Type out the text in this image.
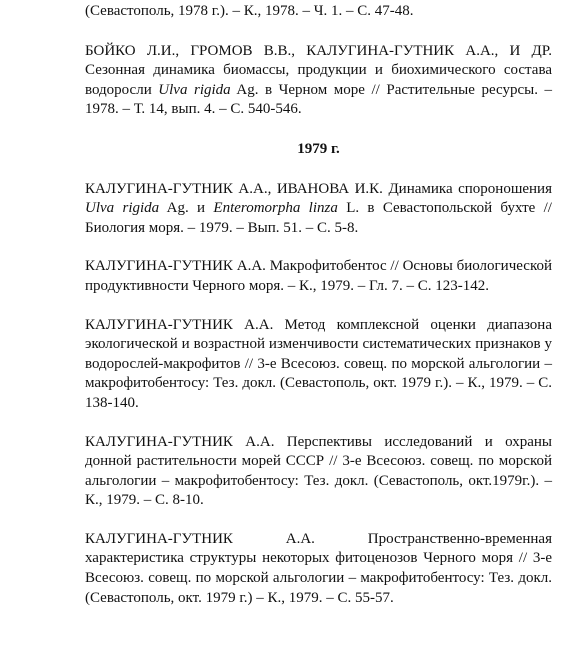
(Севастополь, 1978 г.). – К., 1978. – Ч. 1. – С. 47-48.

БОЙКО Л.И., ГРОМОВ В.В., КАЛУГИНА-ГУТНИК А.А., И ДР. Сезонная динамика биомассы, продукции и биохимического состава водоросли Ulva rigida Ag. в Черном море // Растительные ресурсы. – 1978. – Т. 14, вып. 4. – С. 540-546.

1979 г.

КАЛУГИНА-ГУТНИК А.А., ИВАНОВА И.К. Динамика спороношения Ulva rigida Ag. и Enteromorpha linza L. в Севастопольской бухте // Биология моря. – 1979. – Вып. 51. – С. 5-8.

КАЛУГИНА-ГУТНИК А.А. Макрофитобентос // Основы биологической продуктивности Черного моря. – К., 1979. – Гл. 7. – С. 123-142.

КАЛУГИНА-ГУТНИК А.А. Метод комплексной оценки диапазона экологической и возрастной изменчивости систематических признаков у водорослей-макрофитов // 3-е Всесоюз. совещ. по морской альгологии – макрофитобентосу: Тез. докл. (Севастополь, окт. 1979 г.). – К., 1979. – С. 138-140.

КАЛУГИНА-ГУТНИК А.А. Перспективы исследований и охраны донной растительности морей СССР // 3-е Всесоюз. совещ. по морской альгологии – макрофитобентосу: Тез. докл. (Севастополь, окт.1979г.). – К., 1979. – С. 8-10.

КАЛУГИНА-ГУТНИК А.А. Пространственно-временная характеристика структуры некоторых фитоценозов Черного моря // 3-е Всесоюз. совещ. по морской альгологии – макрофитобентосу: Тез. докл. (Севастополь, окт. 1979 г.) – К., 1979. – С. 55-57.
